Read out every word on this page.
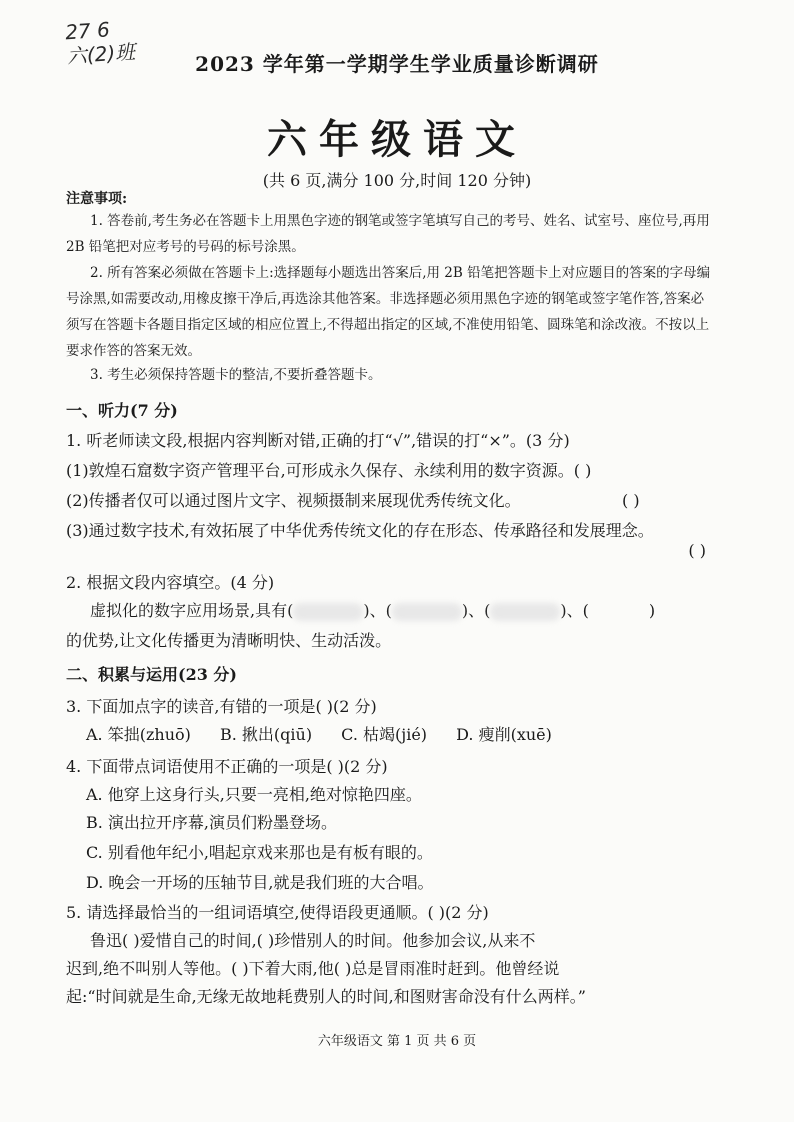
27 6
六(2)班	2023 学年第一学期学生学业质量诊断调研
六年级语文
(共 6 页,满分 100 分,时间 120 分钟)
注意事项:
1. 答卷前,考生务必在答题卡上用黑色字迹的钢笔或签字笔填写自己的考号、姓名、试室号、座位号,再用 2B 铅笔把对应考号的号码的标号涂黑。
2. 所有答案必须做在答题卡上:选择题每小题选出答案后,用 2B 铅笔把答题卡上对应题目的答案的字母编号涂黑,如需要改动,用橡皮擦干净后,再选涂其他答案。非选择题必须用黑色字迹的钢笔或签字笔作答,答案必须写在答题卡各题目指定区域的相应位置上,不得超出指定的区域,不准使用铅笔、圆珠笔和涂改液。不按以上要求作答的答案无效。
3. 考生必须保持答题卡的整洁,不要折叠答题卡。
一、听力(7 分)
1. 听老师读文段,根据内容判断对错,正确的打“√”,错误的打“×”。(3 分)
(1)敦煌石窟数字资产管理平台,可形成永久保存、永续利用的数字资源。( )
(2)传播者仅可以通过图片文字、视频摄制来展现优秀传统文化。	( )
(3)通过数字技术,有效拓展了中华优秀传统文化的存在形态、传承路径和发展理念。
( )
2. 根据文段内容填空。(4 分)
虚拟化的数字应用场景,具有(	)、(	)、(	)、(	)
的优势,让文化传播更为清晰明快、生动活泼。
二、积累与运用(23 分)
3. 下面加点字的读音,有错的一项是( )(2 分)
A. 笨拙(zhuō) B. 揪出(qiū) C. 枯竭(jié) D. 瘦削(xuē)
4. 下面带点词语使用不正确的一项是( )(2 分)
A. 他穿上这身行头,只要一亮相,绝对惊艳四座。
B. 演出拉开序幕,演员们粉墨登场。
C. 别看他年纪小,唱起京戏来那也是有板有眼的。
D. 晚会一开场的压轴节目,就是我们班的大合唱。
5. 请选择最恰当的一组词语填空,使得语段更通顺。( )(2 分)
鲁迅( )爱惜自己的时间,( )珍惜别人的时间。他参加会议,从来不
迟到,绝不叫别人等他。( )下着大雨,他( )总是冒雨准时赶到。他曾经说
起:“时间就是生命,无缘无故地耗费别人的时间,和图财害命没有什么两样。”
六年级语文 第 1 页 共 6 页
